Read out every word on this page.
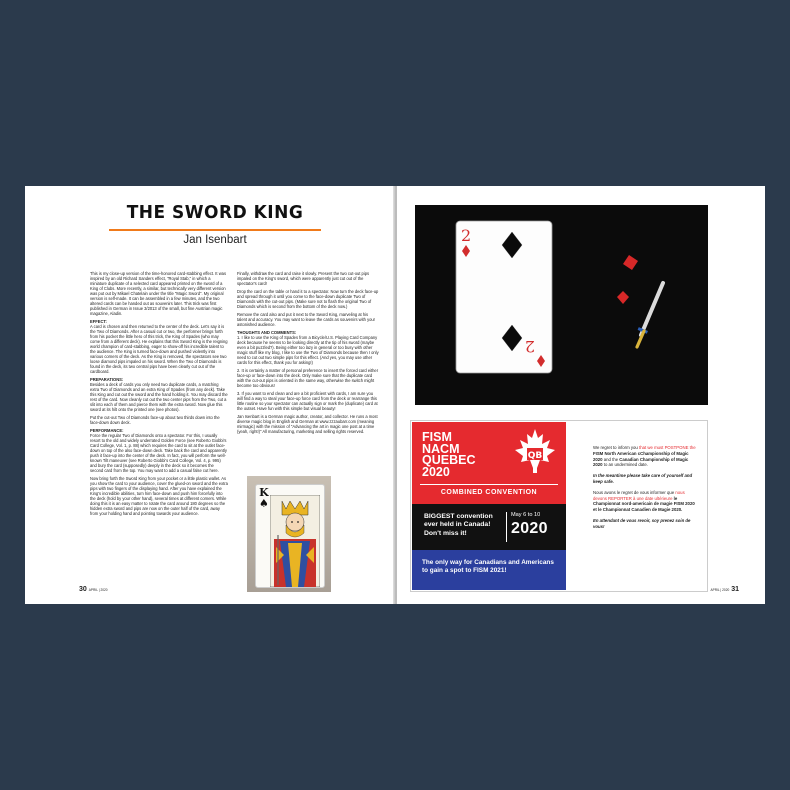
THE SWORD KING
Jan Isenbart

This is my close-up version of the time-honored card-stabbing effect. It was inspired by an old Richard Sanders effect, "Royal Stab," in which a miniature duplicate of a selected card appeared printed on the sword of a King of Clubs. More recently, a similar, but technically very different version was put out by Mikael Chatelain under the title "Magic Sword". My original version is self-made. It can be assembled in a few minutes, and the two altered cards can be handed out as souvenirs later. This trick was first published in German in Issue 3/2013 of the small, but fine Austrian magic magazine, Aladin.

EFFECT:

A card is chosen and then returned to the center of the deck. Let's say it is the Two of Diamonds. After a casual cut or two, the performer brings forth from his pocket the little hero of this trick, the King of Spades (who may come from a different deck). He explains that this Sword King is the reigning world champion of card-stabbing, eager to show-off his incredible talent to the audience. The King is turned face-down and pushed violently into various corners of the deck. As the King is removed, the spectators see two loose diamond pips impaled on his sword. When the Two of Diamonds is found in the deck, its two central pips have been clearly cut out of the cardboard.

PREPARATIONS:

Besides a deck of cards you only need two duplicate cards, a matching extra Two of Diamonds and an extra King of Spades (from any deck). Take this King and cut out the sword and the hand holding it. You may discard the rest of the card. Now cleanly cut out the two center pips from the Two, cut a slit into each of them and pierce them with the extra sword. Now glue this sword at its hilt onto the printed one (see photos).

Put the cut-out Two of Diamonds face-up about two thirds down into the face-down down deck.

PERFORMANCE:

Force the regular Two of Diamonds onto a spectator. For this, I usually resort to the old and widely underrated Golden Force (see Roberto Giobbi's Card College, Vol. 1, p. 88) which requires the card to sit at the outlet face-down on top of the also face-down deck. Take back the card and apparently push it face-up into the center of the deck. In fact, you will perform the well-known Tilt maneuver (see Roberto Giobbi's Card College, Vol. 4, p. 995) and bury the card (supposedly) deeply in the deck so it becomes the second card from the top. You may want to add a casual false cut here.

Now bring forth the Sword King from your pocket or a little plastic wallet. As you show the card to your audience, cover the glued-on sword and the extra pips with two fingers of the displaying hand. After you have explained the King's incredible abilities, turn him face-down and push him forcefully into the deck (hold by your other hand), several times at different corners. While doing this it is an easy matter to rotate the card around 180 degrees so the hidden extra sword and pips are now on the outer half of the card, away from your holding hand and pointing towards your audience.

Finally, withdraw the card and raise it slowly. Present the two cut-out pips impaled on the King's sword, which were apparently just cut out of the spectator's card!

Drop the card on the table or hand it to a spectator. Now turn the deck face-up and spread through it until you come to the face-down duplicate Two of Diamonds with the cut-out pips. (Make sure not to flash the original Two of Diamonds which is second from the bottom of the deck now.)

Remove the card also and put it next to the Sword King, marveling at his talent and accuracy. You may want to leave the cards as souvenirs with your astonished audience.

THOUGHTS AND COMMENTS:

1. I like to use the King of Spades from a Bicycle/U.S. Playing Card Company deck because he seems to be looking directly at the tip of his sword (maybe even a bit puzzled?). Being either too lazy in general or too busy with other magic stuff like my blog, I like to use the Two of Diamonds because then I only need to cut out two simple pips for this effect. (And yes, you may use other cards for this effect, thank you for asking!)

2. It is certainly a matter of personal preference to insert the forced card either face-up or face-down into the deck. Only make sure that the duplicate card with the cut-out pips is oriented in the same way, otherwise the switch might become too obvious!

3. If you want to end clean and are a bit proficient with cards, I am sure you will find a way to steal your face-up force card from the deck or rearrange this little routine so your spectator can actually sign or mark the (duplicate) card at the outset. Have fun with this simple but visual beauty!

Jan Isenbart is a German magic author, creator, and collector. He runs a most diverse magic blog in English and German at www.zzzaubarr.com (meaning mirmagic) with the mission of "Advancing the art in magic one post at a time (yeah, right!)" All manufacturing, marketing and selling rights reserved.

K
♠
30 APRIL | 2020
2
2
FISM
NACM
QUEBEC
2020
QB
COMBINED CONVENTION
BIGGEST convention ever held in Canada! Don't miss it!
May 6 to 10
2020
The only way for Canadians and Americans to gain a spot to FISM 2021!

We regret to inform you that we must POSTPONE the FISM North American cChampionship of Magic 2020 and the Canadian Championship of Magic 2020 to an undermined date.

In the meantime please take care of yourself and keep safe.

Nous avons le regret de vous informer que nous devons REPORTER à une date ultérieure le Championnat nord-americain de magie FISM 2020 et le Championnat Canadien de Magie 2020.

En attendant de vous revoir, soy prenez soin de vous!

APRIL | 2020 31
